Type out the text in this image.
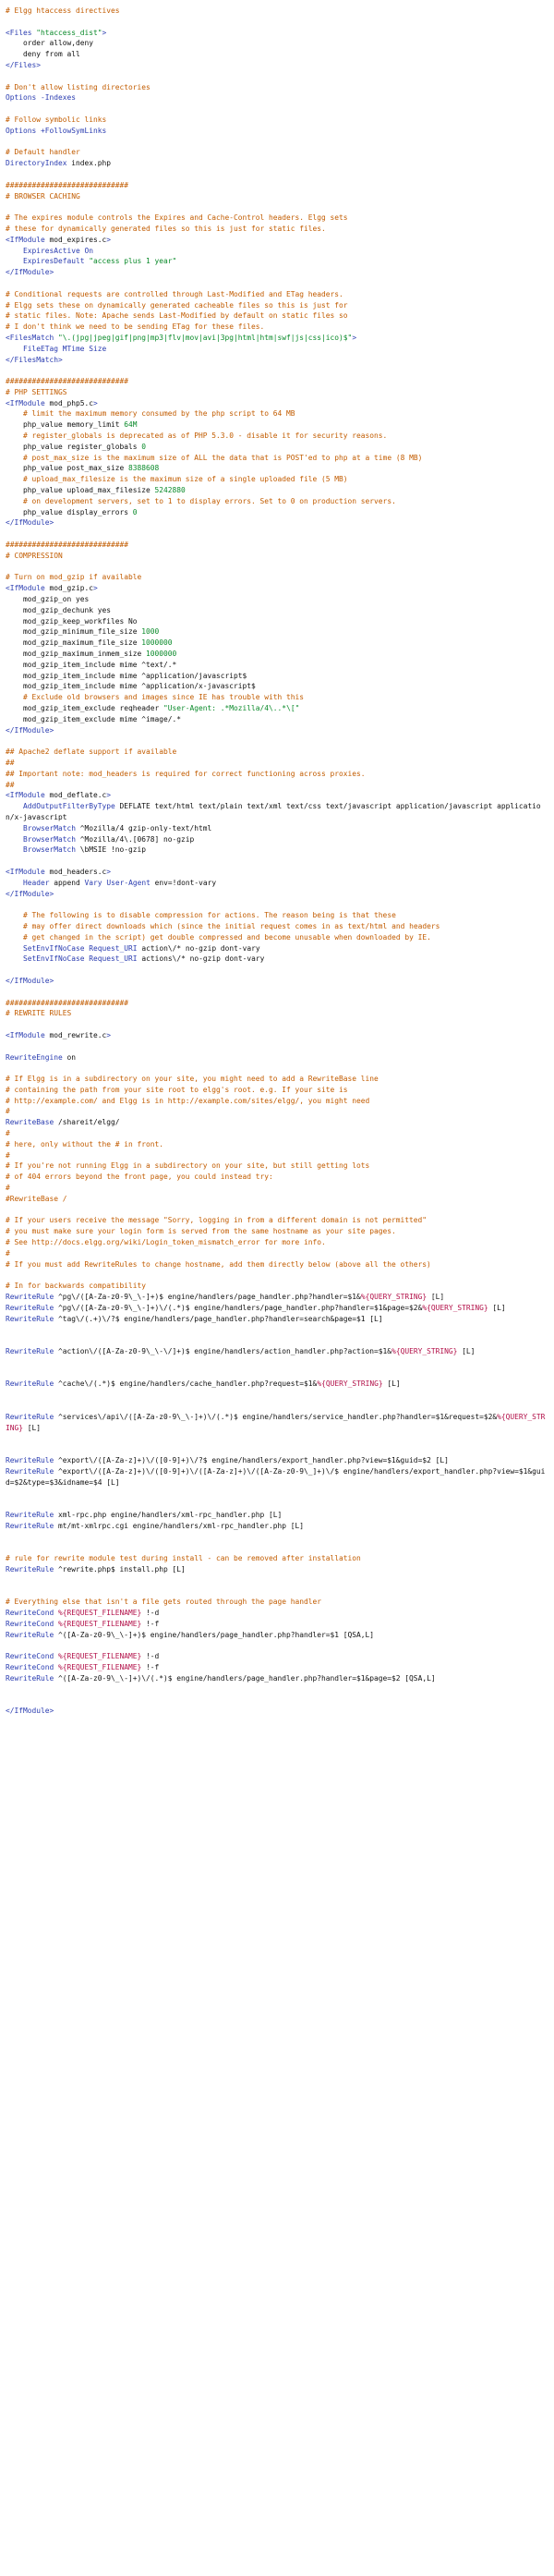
# Elgg htaccess directives
<Files "htaccess_dist">
order allow,deny
deny from all
</Files>
# Don't allow listing directories
Options -Indexes
# Follow symbolic links
Options +FollowSymLinks
# Default handler
DirectoryIndex index.php
############################
# BROWSER CACHING
# The expires module controls the Expires and Cache-Control headers. Elgg sets
# these for dynamically generated files so this is just for static files.
<IfModule mod_expires.c>
ExpiresActive On
ExpiresDefault "access plus 1 year"
</IfModule>
# Conditional requests are controlled through Last-Modified and ETag headers.
# Elgg sets these on dynamically generated cacheable files so this is just for
# static files. Note: Apache sends Last-Modified by default on static files so
# I don't think we need to be sending ETag for these files.
<FilesMatch "\.(jpg|jpeg|gif|png|mp3|flv|mov|avi|3pg|html|htm|swf|js|css|ico)$">
FileETag MTime Size
</FilesMatch>
############################
# PHP SETTINGS
<IfModule mod_php5.c>
# limit the maximum memory consumed by the php script to 64 MB
php_value memory_limit 64M
# register_globals is deprecated as of PHP 5.3.0 - disable it for security reasons.
php_value register_globals 0
# post_max_size is the maximum size of ALL the data that is POST'ed to php at a time (8 MB)
php_value post_max_size 8388608
# upload_max_filesize is the maximum size of a single uploaded file (5 MB)
php_value upload_max_filesize 5242880
# on development servers, set to 1 to display errors. Set to 0 on production servers.
php_value display_errors 0
</IfModule>
############################
# COMPRESSION
# Turn on mod_gzip if available
<IfModule mod_gzip.c>
mod_gzip_on yes
mod_gzip_dechunk yes
mod_gzip_keep_workfiles No
mod_gzip_minimum_file_size 1000
mod_gzip_maximum_file_size 1000000
mod_gzip_maximum_inmem_size 1000000
mod_gzip_item_include mime ^text/.*
mod_gzip_item_include mime ^application/javascript$
mod_gzip_item_include mime ^application/x-javascript$
# Exclude old browsers and images since IE has trouble with this
mod_gzip_item_exclude reqheader "User-Agent: .*Mozilla/4\..*\["
mod_gzip_item_exclude mime ^image/.*
</IfModule>
## Apache2 deflate support if available
##
## Important note: mod_headers is required for correct functioning across proxies.
##
<IfModule mod_deflate.c>
AddOutputFilterByType DEFLATE text/html text/plain text/xml text/css text/javascript application/javascript application/x-javascript
BrowserMatch ^Mozilla/4 gzip-only-text/html
BrowserMatch ^Mozilla/4\.[0678] no-gzip
BrowserMatch \bMSIE !no-gzip
<IfModule mod_headers.c>
Header append Vary User-Agent env=!dont-vary
</IfModule>
# The following is to disable compression for actions. The reason being is that these
# may offer direct downloads which (since the initial request comes in as text/html and headers
# get changed in the script) get double compressed and become unusable when downloaded by IE.
SetEnvIfNoCase Request_URI action\/* no-gzip dont-vary
SetEnvIfNoCase Request_URI actions\/* no-gzip dont-vary
</IfModule>
############################
# REWRITE RULES
<IfModule mod_rewrite.c>
RewriteEngine on
# If Elgg is in a subdirectory on your site, you might need to add a RewriteBase line
# containing the path from your site root to elgg's root. e.g. If your site is
# http://example.com/ and Elgg is in http://example.com/sites/elgg/, you might need
#
RewriteBase /shareit/elgg/
#
# here, only without the # in front.
#
# If you're not running Elgg in a subdirectory on your site, but still getting lots
# of 404 errors beyond the front page, you could instead try:
#
#RewriteBase /
# If your users receive the message "Sorry, logging in from a different domain is not permitted"
# you must make sure your login form is served from the same hostname as your site pages.
# See http://docs.elgg.org/wiki/Login_token_mismatch_error for more info.
#
# If you must add RewriteRules to change hostname, add them directly below (above all the others)
# In for backwards compatibility
RewriteRule ^pg\/([A-Za-z0-9\_\-]+)$ engine/handlers/page_handler.php?handler=$1&%{QUERY_STRING} [L]
RewriteRule ^pg\/([A-Za-z0-9\_\-]+)\/(.*)$ engine/handlers/page_handler.php?handler=$1&page=$2&%{QUERY_STRING} [L]
RewriteRule ^tag\/(.+)\/?$ engine/handlers/page_handler.php?handler=search&page=$1 [L]
RewriteRule ^action\/([A-Za-z0-9\_\-\/]+)$ engine/handlers/action_handler.php?action=$1&%{QUERY_STRING} [L]
RewriteRule ^cache\/(.*)$ engine/handlers/cache_handler.php?request=$1&%{QUERY_STRING} [L]
RewriteRule ^services\/api\/([A-Za-z0-9\_\-]+)\/(.*)$ engine/handlers/service_handler.php?handler=$1&request=$2&%{QUERY_STRING} [L]
RewriteRule ^export\/([A-Za-z]+)\/([0-9]+)\/?$ engine/handlers/export_handler.php?view=$1&guid=$2 [L]
RewriteRule ^export\/([A-Za-z]+)\/([0-9]+)\/([A-Za-z]+)\/([A-Za-z0-9\_]+)\/$ engine/handlers/export_handler.php?view=$1&guid=$2&type=$3&idname=$4 [L]
RewriteRule xml-rpc.php engine/handlers/xml-rpc_handler.php [L]
RewriteRule mt/mt-xmlrpc.cgi engine/handlers/xml-rpc_handler.php [L]
# rule for rewrite module test during install - can be removed after installation
RewriteRule ^rewrite.php$ install.php [L]
# Everything else that isn't a file gets routed through the page handler
RewriteCond %{REQUEST_FILENAME} !-d
RewriteCond %{REQUEST_FILENAME} !-f
RewriteRule ^([A-Za-z0-9\_\-]+)$ engine/handlers/page_handler.php?handler=$1 [QSA,L]
RewriteCond %{REQUEST_FILENAME} !-d
RewriteCond %{REQUEST_FILENAME} !-f
RewriteRule ^([A-Za-z0-9\_\-]+)\/(.*)$ engine/handlers/page_handler.php?handler=$1&page=$2 [QSA,L]
</IfModule>
